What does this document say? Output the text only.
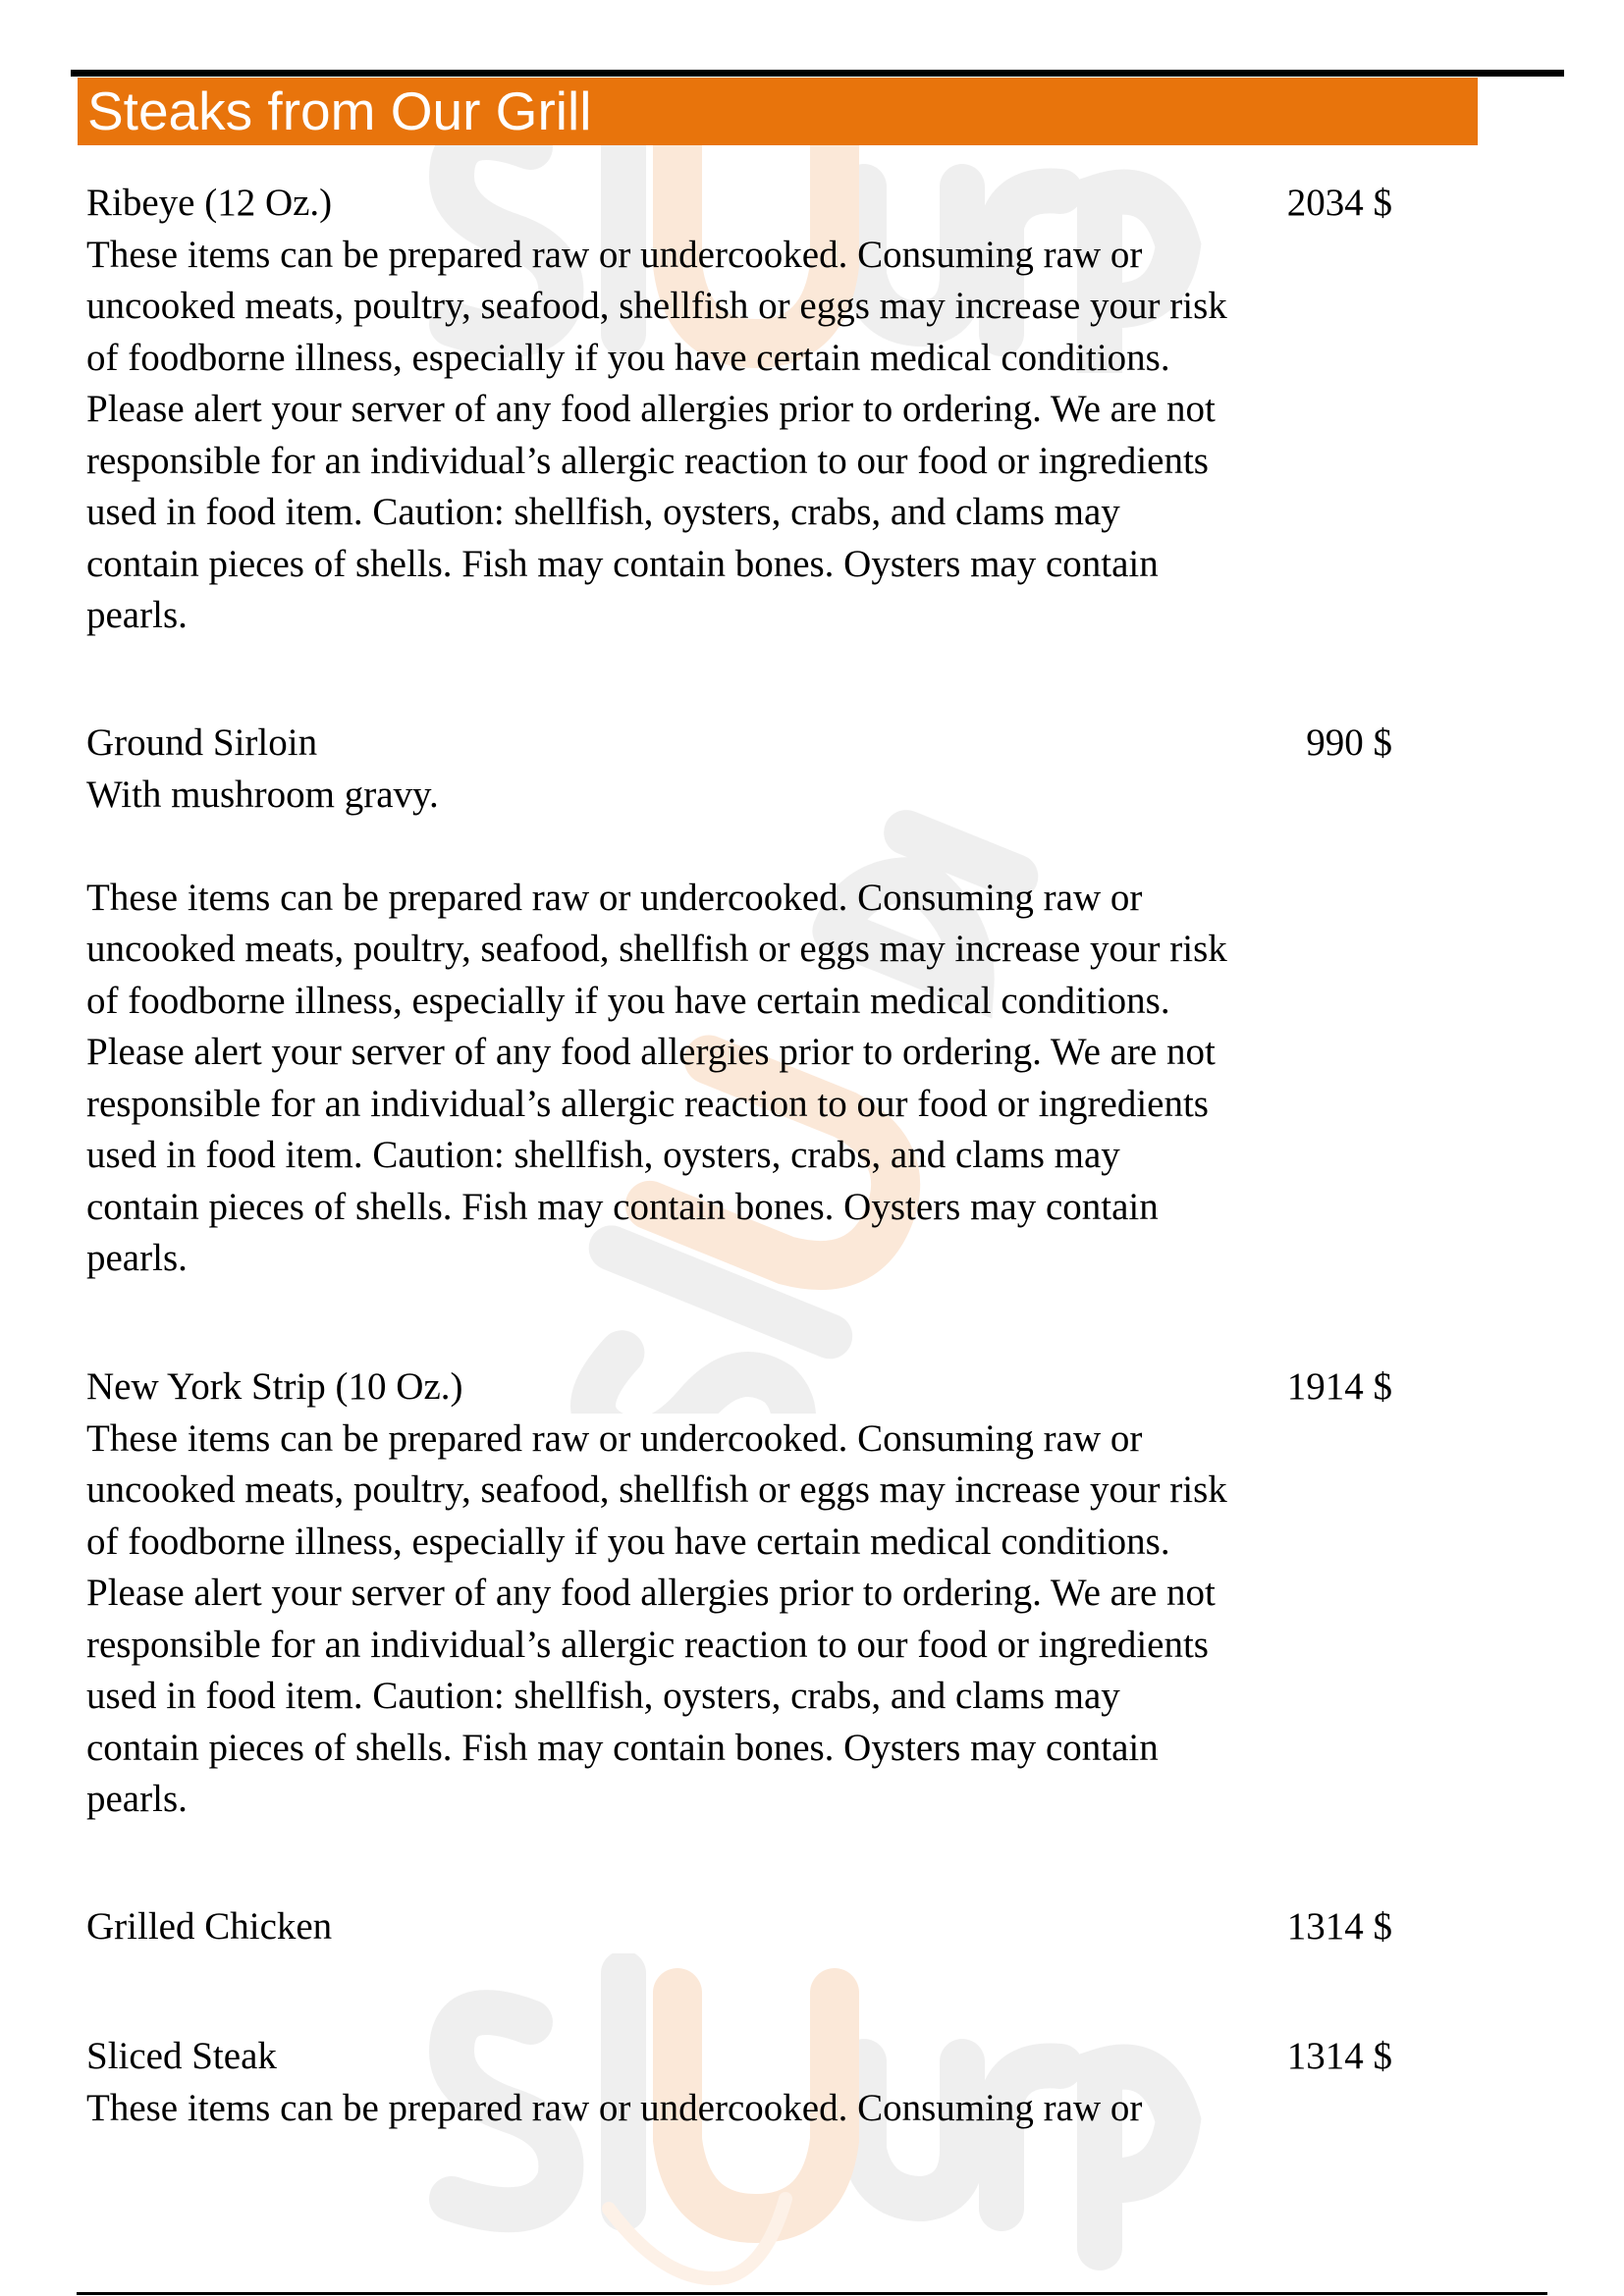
Steaks from Our Grill
Ribeye (12 Oz.)	2034 $

These items can be prepared raw or undercooked. Consuming raw or uncooked meats, poultry, seafood, shellfish or eggs may increase your risk of foodborne illness, especially if you have certain medical conditions. Please alert your server of any food allergies prior to ordering. We are not responsible for an individual’s allergic reaction to our food or ingredients used in food item. Caution: shellfish, oysters, crabs, and clams may contain pieces of shells. Fish may contain bones. Oysters may contain pearls.

Ground Sirloin	990 $

With mushroom gravy.

These items can be prepared raw or undercooked. Consuming raw or uncooked meats, poultry, seafood, shellfish or eggs may increase your risk of foodborne illness, especially if you have certain medical conditions. Please alert your server of any food allergies prior to ordering. We are not responsible for an individual’s allergic reaction to our food or ingredients used in food item. Caution: shellfish, oysters, crabs, and clams may contain pieces of shells. Fish may contain bones. Oysters may contain pearls.

New York Strip (10 Oz.)	1914 $

These items can be prepared raw or undercooked. Consuming raw or uncooked meats, poultry, seafood, shellfish or eggs may increase your risk of foodborne illness, especially if you have certain medical conditions. Please alert your server of any food allergies prior to ordering. We are not responsible for an individual’s allergic reaction to our food or ingredients used in food item. Caution: shellfish, oysters, crabs, and clams may contain pieces of shells. Fish may contain bones. Oysters may contain pearls.

Grilled Chicken	1314 $
Sliced Steak	1314 $

These items can be prepared raw or undercooked. Consuming raw or
